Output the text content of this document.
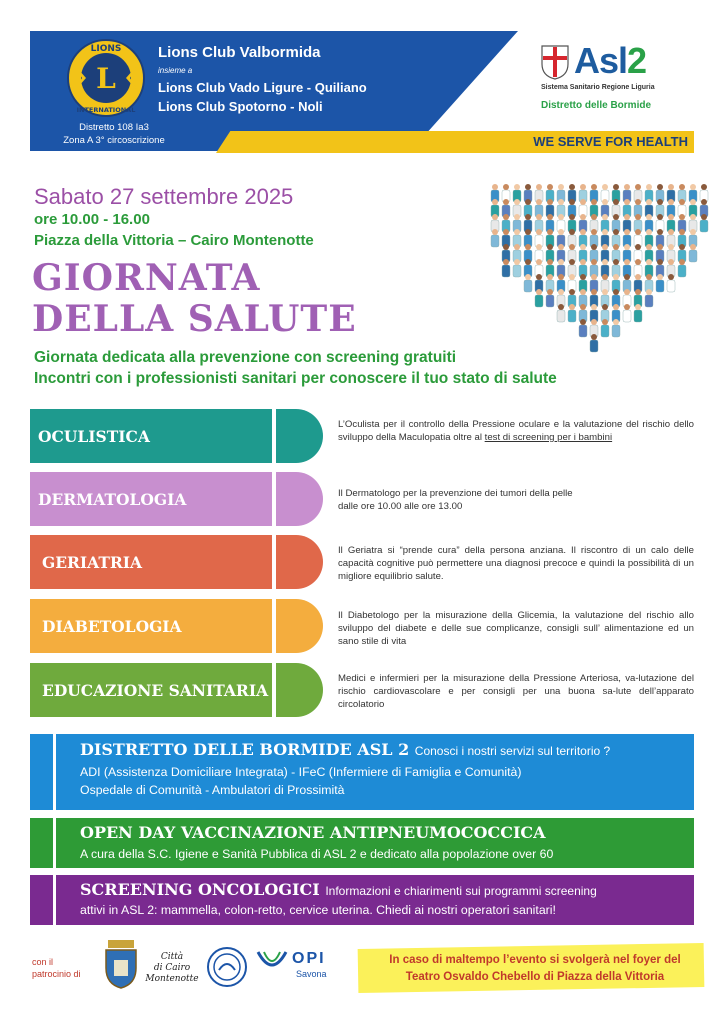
L
LIONS
INTERNATIONAL
Distretto 108 Ia3
Zona A 3° circoscrizione
Lions Club Valbormida
insieme a
Lions Club Vado Ligure - Quiliano
Lions Club Spotorno - Noli
WE SERVE FOR HEALTH
Asl2
Sistema Sanitario Regione Liguria
Distretto delle Bormide
Sabato 27 settembre 2025
ore 10.00 - 16.00
Piazza della Vittoria – Cairo Montenotte
GIORNATA
DELLA SALUTE
Giornata dedicata alla prevenzione con screening gratuiti
Incontri con i professionisti sanitari per conoscere il tuo stato di salute
OCULISTICA
L’Oculista per il controllo della Pressione oculare e la valutazione del rischio dello sviluppo della Maculopatia oltre al test di screening per i bambini
DERMATOLOGIA	Il Dermatologo per la prevenzione dei tumori della pelle
dalle ore 10.00 alle ore 13.00
GERIATRIA
Il Geriatra si “prende cura” della persona anziana. Il riscontro di un calo delle capacità cognitive può permettere una diagnosi precoce e quindi la possibilità di un migliore equilibrio salute.
DIABETOLOGIA
Il Diabetologo per la misurazione della Glicemia, la valutazione del rischio allo sviluppo del diabete e delle sue complicanze, consigli sull’ alimentazione ed un sano stile di vita
EDUCAZIONE SANITARIA
Medici e infermieri per la misurazione della Pressione Arteriosa, va-lutazione del rischio cardiovascolare e per consigli per una buona sa-lute dell’apparato circolatorio
DISTRETTO DELLE BORMIDE ASL 2 Conosci i nostri servizi sul territorio ?
ADI (Assistenza Domiciliare Integrata) - IFeC (Infermiere di Famiglia e Comunità)
Ospedale di Comunità - Ambulatori di Prossimità
OPEN DAY VACCINAZIONE ANTIPNEUMOCOCCICA
A cura della S.C. Igiene e Sanità Pubblica di ASL 2 e dedicato alla popolazione over 60
SCREENING ONCOLOGICI Informazioni e chiarimenti sui programmi screening
attivi in ASL 2: mammella, colon-retto, cervice uterina. Chiedi ai nostri operatori sanitari!
con il
patrocinio di
Città
di Cairo
Montenotte
OPI
Savona
In caso di maltempo l’evento si svolgerà nel foyer del
Teatro Osvaldo Chebello di Piazza della Vittoria
